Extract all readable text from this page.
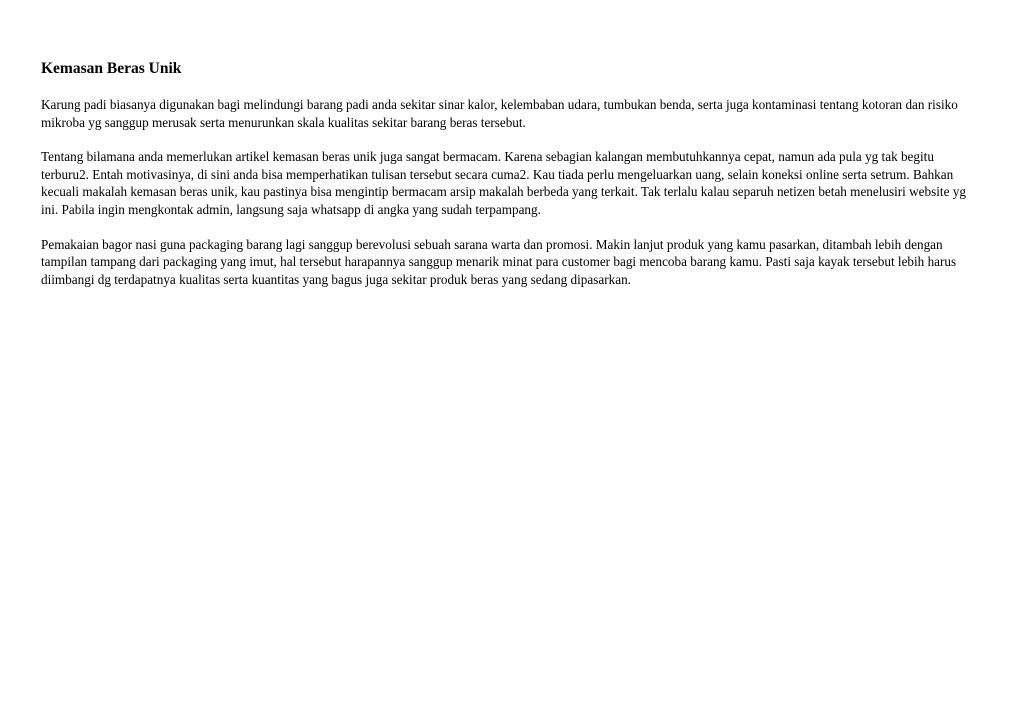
Kemasan Beras Unik

Karung padi biasanya digunakan bagi melindungi barang padi anda sekitar sinar kalor, kelembaban udara, tumbukan benda, serta juga kontaminasi tentang kotoran dan risiko mikroba yg sanggup merusak serta menurunkan skala kualitas sekitar barang beras tersebut.

Tentang bilamana anda memerlukan artikel kemasan beras unik juga sangat bermacam. Karena sebagian kalangan membutuhkannya cepat, namun ada pula yg tak begitu terburu2. Entah motivasinya, di sini anda bisa memperhatikan tulisan tersebut secara cuma2. Kau tiada perlu mengeluarkan uang, selain koneksi online serta setrum. Bahkan kecuali makalah kemasan beras unik, kau pastinya bisa mengintip bermacam arsip makalah berbeda yang terkait. Tak terlalu kalau separuh netizen betah menelusiri website yg ini. Pabila ingin mengkontak admin, langsung saja whatsapp di angka yang sudah terpampang.

Pemakaian bagor nasi guna packaging barang lagi sanggup berevolusi sebuah sarana warta dan promosi. Makin lanjut produk yang kamu pasarkan, ditambah lebih dengan tampilan tampang dari packaging yang imut, hal tersebut harapannya sanggup menarik minat para customer bagi mencoba barang kamu. Pasti saja kayak tersebut lebih harus diimbangi dg terdapatnya kualitas serta kuantitas yang bagus juga sekitar produk beras yang sedang dipasarkan.
